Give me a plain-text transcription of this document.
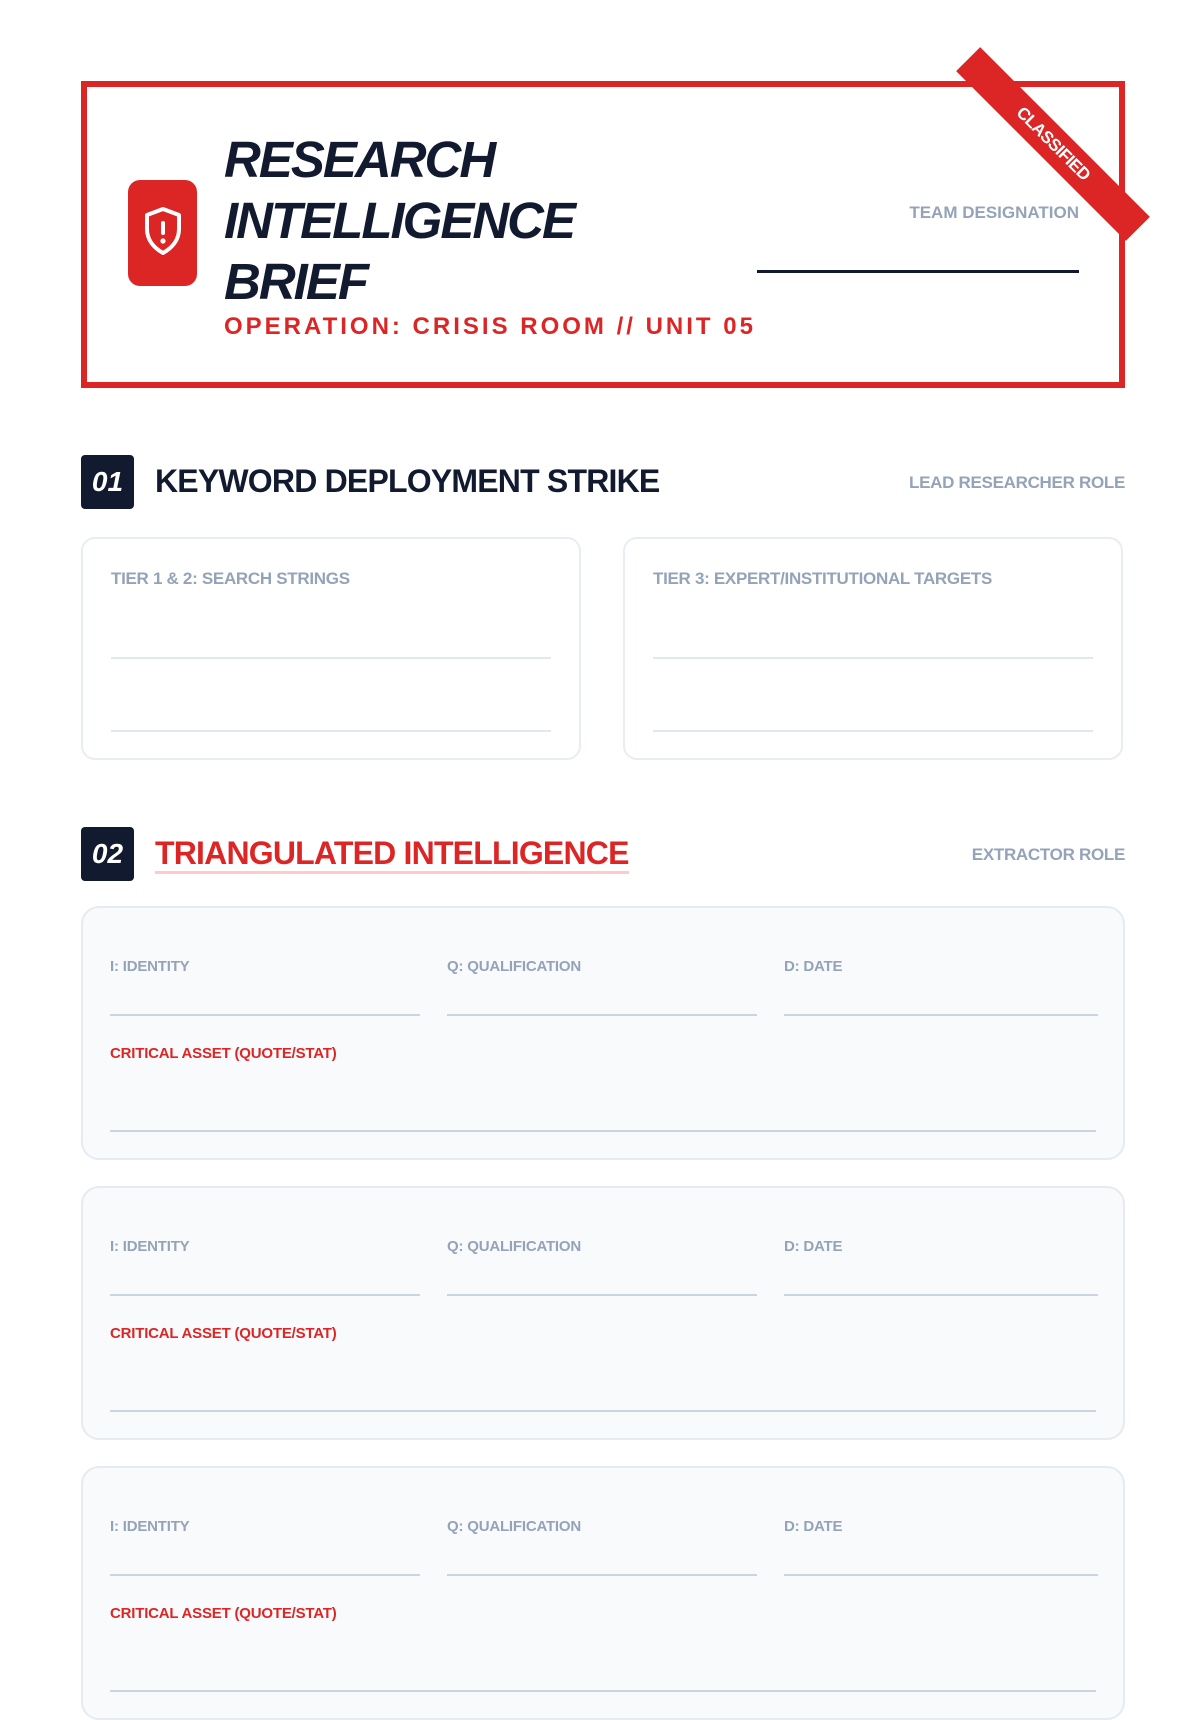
RESEARCH INTELLIGENCE BRIEF
OPERATION: CRISIS ROOM // UNIT 05
TEAM DESIGNATION
CLASSIFIED
01 KEYWORD DEPLOYMENT STRIKE	LEAD RESEARCHER ROLE
TIER 1 & 2: SEARCH STRINGS	TIER 3: EXPERT/INSTITUTIONAL TARGETS
02 TRIANGULATED INTELLIGENCE	EXTRACTOR ROLE
I: IDENTITY	Q: QUALIFICATION	D: DATE
CRITICAL ASSET (QUOTE/STAT)
I: IDENTITY	Q: QUALIFICATION	D: DATE
CRITICAL ASSET (QUOTE/STAT)
I: IDENTITY	Q: QUALIFICATION	D: DATE
CRITICAL ASSET (QUOTE/STAT)
